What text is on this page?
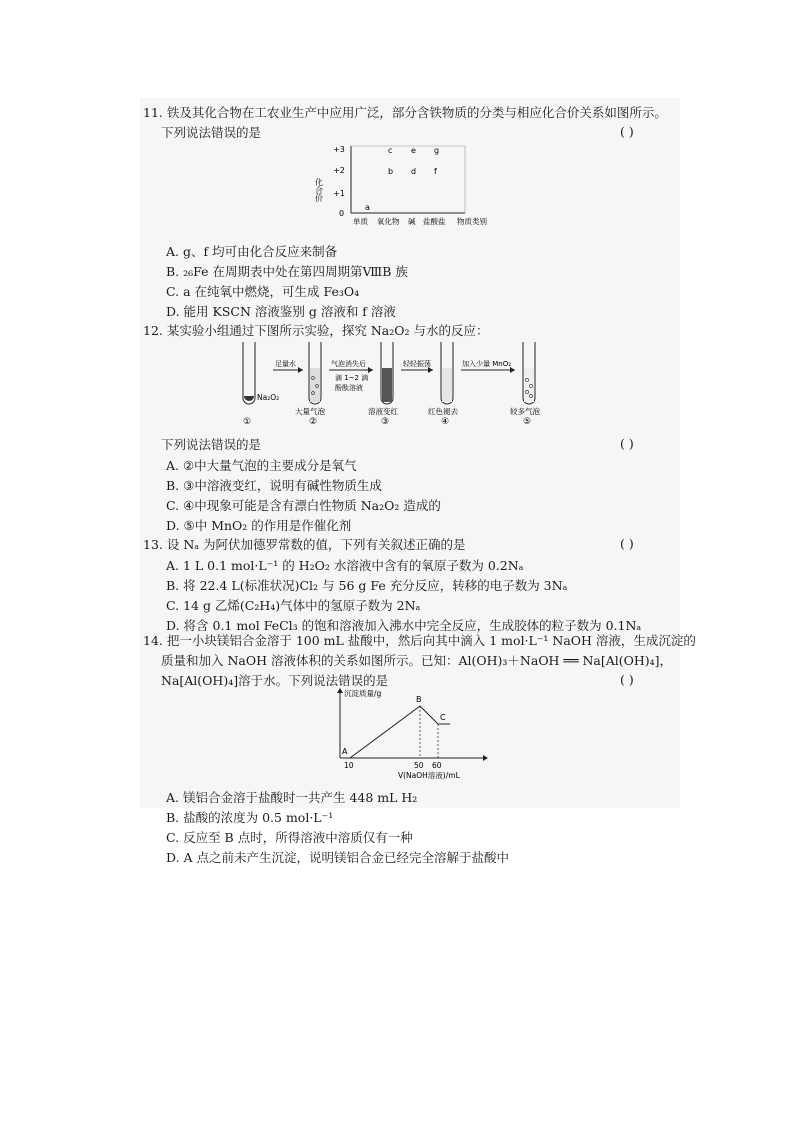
11. 铁及其化合物在工农业生产中应用广泛，部分含铁物质的分类与相应化合价关系如图所示。
下列说法错误的是	( )
+3
+2
+1
0
化合价
a
b
c
d
e
f
g
单质 氧化物 碱 盐酸盐 物质类别
A. g、f 均可由化合反应来制备
B. ₂₆Fe 在周期表中处在第四周期第ⅧB 族
C. a 在纯氧中燃烧，可生成 Fe₃O₄
D. 能用 KSCN 溶液鉴别 g 溶液和 f 溶液
12. 某实验小组通过下图所示实验，探究 Na₂O₂ 与水的反应：
Na₂O₂
①
足量水
大量气泡
②
气泡消失后
滴 1~2 滴
酚酞溶液
溶液变红
③
轻轻振荡
红色褪去
④
加入少量 MnO₂
较多气泡
⑤
下列说法错误的是	( )
A. ②中大量气泡的主要成分是氧气
B. ③中溶液变红，说明有碱性物质生成
C. ④中现象可能是含有漂白性物质 Na₂O₂ 造成的
D. ⑤中 MnO₂ 的作用是作催化剂
13. 设 Nₐ 为阿伏加德罗常数的值，下列有关叙述正确的是	( )
A. 1 L 0.1 mol·L⁻¹ 的 H₂O₂ 水溶液中含有的氧原子数为 0.2Nₐ
B. 将 22.4 L(标准状况)Cl₂ 与 56 g Fe 充分反应，转移的电子数为 3Nₐ
C. 14 g 乙烯(C₂H₄)气体中的氢原子数为 2Nₐ
D. 将含 0.1 mol FeCl₃ 的饱和溶液加入沸水中完全反应，生成胶体的粒子数为 0.1Nₐ
14. 把一小块镁铝合金溶于 100 mL 盐酸中，然后向其中滴入 1 mol·L⁻¹ NaOH 溶液，生成沉淀的
质量和加入 NaOH 溶液体积的关系如图所示。已知：Al(OH)₃＋NaOH ══ Na[Al(OH)₄]，
Na[Al(OH)₄]溶于水。下列说法错误的是	( )
沉淀质量/g
A
B
C
10	50 60
V(NaOH溶液)/mL
A. 镁铝合金溶于盐酸时一共产生 448 mL H₂
B. 盐酸的浓度为 0.5 mol·L⁻¹
C. 反应至 B 点时，所得溶液中溶质仅有一种
D. A 点之前未产生沉淀，说明镁铝合金已经完全溶解于盐酸中
